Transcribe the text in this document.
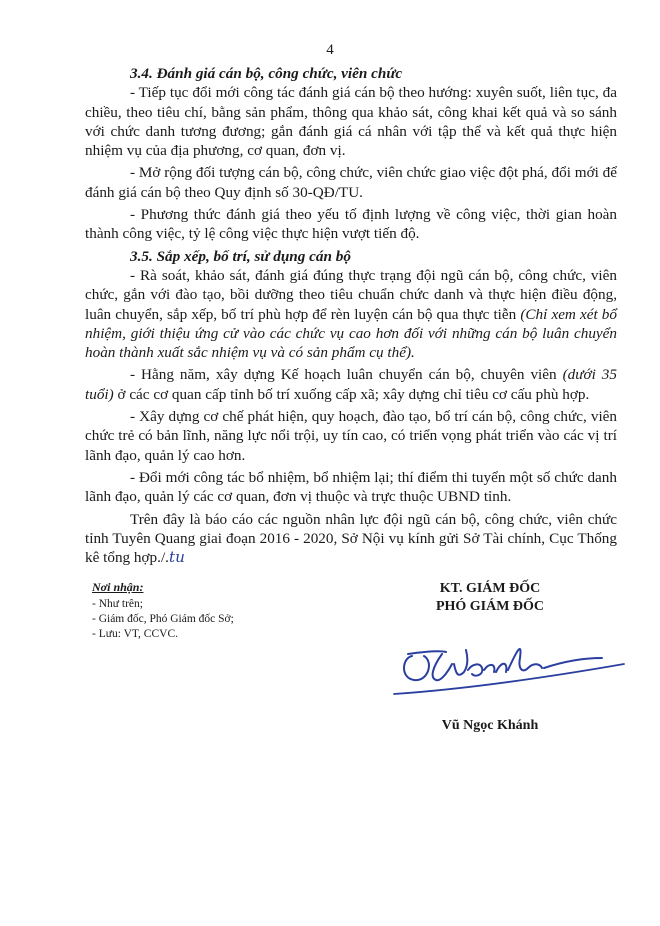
4

3.4. Đánh giá cán bộ, công chức, viên chức

- Tiếp tục đổi mới công tác đánh giá cán bộ theo hướng: xuyên suốt, liên tục, đa chiều, theo tiêu chí, bằng sản phẩm, thông qua khảo sát, công khai kết quả và so sánh với chức danh tương đương; gắn đánh giá cá nhân với tập thể và kết quả thực hiện nhiệm vụ của địa phương, cơ quan, đơn vị.

- Mở rộng đối tượng cán bộ, công chức, viên chức giao việc đột phá, đổi mới để đánh giá cán bộ theo Quy định số 30-QĐ/TU.

- Phương thức đánh giá theo yếu tố định lượng về công việc, thời gian hoàn thành công việc, tỷ lệ công việc thực hiện vượt tiến độ.

3.5. Sắp xếp, bố trí, sử dụng cán bộ

- Rà soát, khảo sát, đánh giá đúng thực trạng đội ngũ cán bộ, công chức, viên chức, gắn với đào tạo, bồi dưỡng theo tiêu chuẩn chức danh và thực hiện điều động, luân chuyển, sắp xếp, bố trí phù hợp để rèn luyện cán bộ qua thực tiễn (Chỉ xem xét bổ nhiệm, giới thiệu ứng cử vào các chức vụ cao hơn đối với những cán bộ luân chuyển hoàn thành xuất sắc nhiệm vụ và có sản phẩm cụ thể).

- Hằng năm, xây dựng Kế hoạch luân chuyển cán bộ, chuyên viên (dưới 35 tuổi) ở các cơ quan cấp tỉnh bố trí xuống cấp xã; xây dựng chỉ tiêu cơ cấu phù hợp.

- Xây dựng cơ chế phát hiện, quy hoạch, đào tạo, bố trí cán bộ, công chức, viên chức trẻ có bản lĩnh, năng lực nổi trội, uy tín cao, có triển vọng phát triển vào các vị trí lãnh đạo, quản lý cao hơn.

- Đổi mới công tác bổ nhiệm, bổ nhiệm lại; thí điểm thi tuyển một số chức danh lãnh đạo, quản lý các cơ quan, đơn vị thuộc và trực thuộc UBND tỉnh.

Trên đây là báo cáo các nguồn nhân lực đội ngũ cán bộ, công chức, viên chức tỉnh Tuyên Quang giai đoạn 2016 - 2020, Sở Nội vụ kính gửi Sở Tài chính, Cục Thống kê tổng hợp./.tu

Nơi nhận:
- Như trên;
- Giám đốc, Phó Giám đốc Sở;
- Lưu: VT, CCVC.
KT. GIÁM ĐỐC
PHÓ GIÁM ĐỐC
Vũ Ngọc Khánh
